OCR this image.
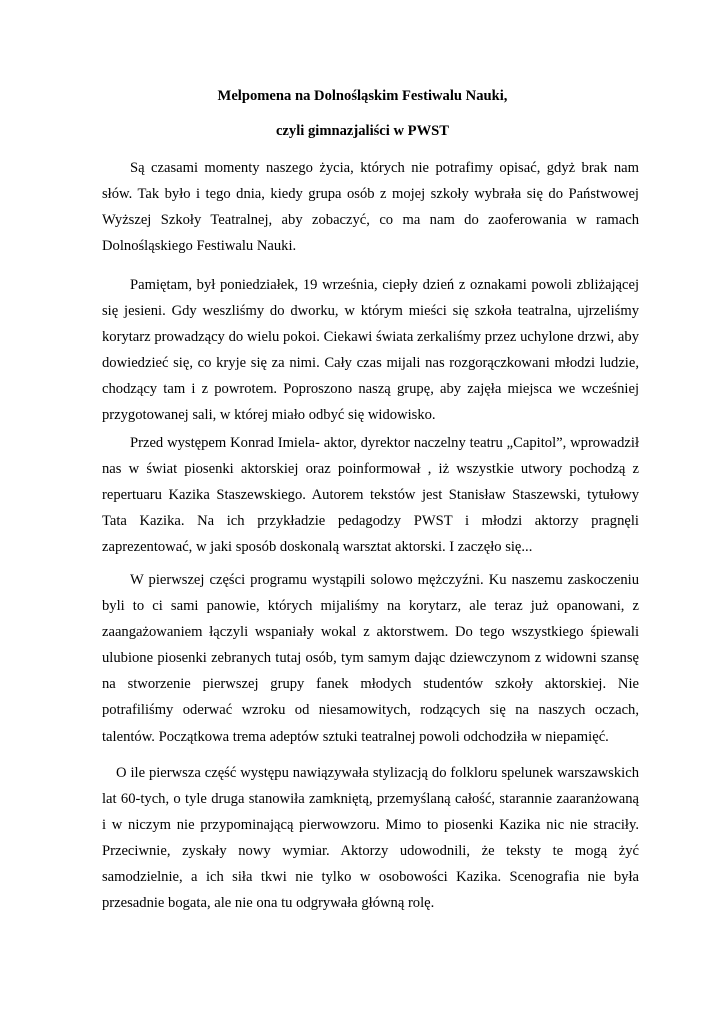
Melpomena na Dolnośląskim Festiwalu Nauki,
czyli gimnazjaliści w PWST

Są czasami momenty naszego życia, których nie potrafimy opisać, gdyż brak nam słów. Tak było i tego dnia, kiedy grupa osób z mojej szkoły wybrała się do Państwowej Wyższej Szkoły Teatralnej, aby zobaczyć, co ma nam do zaoferowania w ramach Dolnośląskiego Festiwalu Nauki.

Pamiętam, był poniedziałek, 19 września, ciepły dzień z oznakami powoli zbliżającej się jesieni. Gdy weszliśmy do dworku, w którym mieści się szkoła teatralna, ujrzeliśmy korytarz prowadzący do wielu pokoi. Ciekawi świata zerkaliśmy przez uchylone drzwi, aby dowiedzieć się, co kryje się za nimi. Cały czas mijali nas rozgorączkowani młodzi ludzie, chodzący tam i z powrotem. Poproszono naszą grupę, aby zajęła miejsca we wcześniej przygotowanej sali, w której miało odbyć się widowisko.

Przed występem Konrad Imiela- aktor, dyrektor naczelny teatru „Capitol”, wprowadził nas w świat piosenki aktorskiej oraz poinformował , iż wszystkie utwory pochodzą z repertuaru Kazika Staszewskiego. Autorem tekstów jest Stanisław Staszewski, tytułowy Tata Kazika. Na ich przykładzie pedagodzy PWST i młodzi aktorzy pragnęli zaprezentować, w jaki sposób doskonalą warsztat aktorski. I zaczęło się...

W pierwszej części programu wystąpili solowo mężczyźni. Ku naszemu zaskoczeniu byli to ci sami panowie, których mijaliśmy na korytarz, ale teraz już opanowani, z zaangażowaniem łączyli wspaniały wokal z aktorstwem. Do tego wszystkiego śpiewali ulubione piosenki zebranych tutaj osób, tym samym dając dziewczynom z widowni szansę na stworzenie pierwszej grupy fanek młodych studentów szkoły aktorskiej. Nie potrafiliśmy oderwać wzroku od niesamowitych, rodzących się na naszych oczach, talentów. Początkowa trema adeptów sztuki teatralnej powoli odchodziła w niepamięć.

O ile pierwsza część występu nawiązywała stylizacją do folkloru spelunek warszawskich lat 60-tych, o tyle druga stanowiła zamkniętą, przemyślaną całość, starannie zaaranżowaną i w niczym nie przypominającą pierwowzoru. Mimo to piosenki Kazika nic nie straciły. Przeciwnie, zyskały nowy wymiar. Aktorzy udowodnili, że teksty te mogą żyć samodzielnie, a ich siła tkwi nie tylko w osobowości Kazika. Scenografia nie była przesadnie bogata, ale nie ona tu odgrywała główną rolę.
